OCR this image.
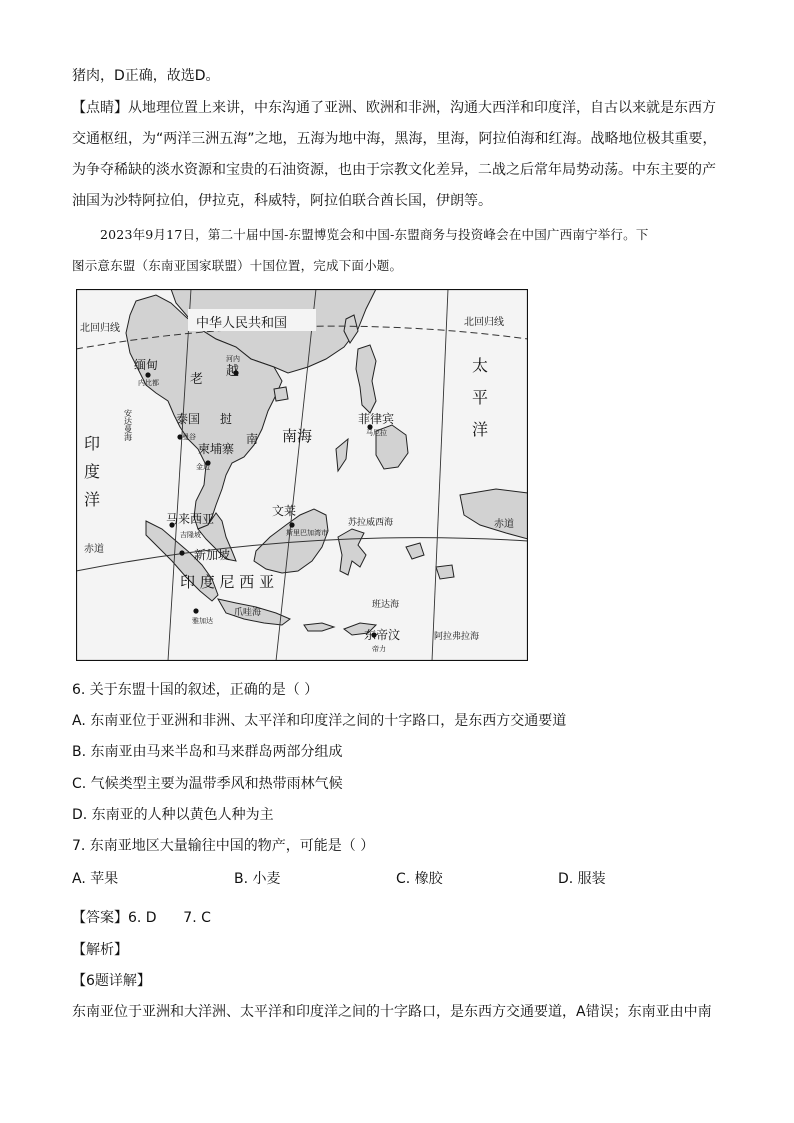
猪肉，D正确，故选D。
【点睛】从地理位置上来讲，中东沟通了亚洲、欧洲和非洲，沟通大西洋和印度洋，自古以来就是东西方
交通枢纽，为“两洋三洲五海”之地，五海为地中海，黑海，里海，阿拉伯海和红海。战略地位极其重要，
为争夺稀缺的淡水资源和宝贵的石油资源，也由于宗教文化差异，二战之后常年局势动荡。中东主要的产
油国为沙特阿拉伯，伊拉克，科威特，阿拉伯联合酋长国，伊朗等。
2023年9月17日，第二十届中国-东盟博览会和中国-东盟商务与投资峰会在中国广西南宁举行。下
图示意东盟（东南亚国家联盟）十国位置，完成下面小题。
中华人民共和国
北回归线
北回归线
赤道
赤道
缅甸
内比都 老
越
河内
泰国 挝
南
柬埔寨
曼谷
金边
南海
菲律宾
马尼拉
太
平
洋
印
度
洋
安达曼海
马来西亚
吉隆坡
文莱
斯里巴加湾市
苏拉威西海
新加坡
印 度 尼 西 亚
爪哇海
雅加达
班达海
东帝汶
帝力
阿拉弗拉海
6. 关于东盟十国的叙述，正确的是（ ）
A. 东南亚位于亚洲和非洲、太平洋和印度洋之间的十字路口，是东西方交通要道
B. 东南亚由马来半岛和马来群岛两部分组成
C. 气候类型主要为温带季风和热带雨林气候
D. 东南亚的人种以黄色人种为主
7. 东南亚地区大量输往中国的物产，可能是（ ）
A. 苹果	B. 小麦	C. 橡胶	D. 服装
【答案】6. D      7. C
【解析】
【6题详解】
东南亚位于亚洲和大洋洲、太平洋和印度洋之间的十字路口，是东西方交通要道，A错误；东南亚由中南
